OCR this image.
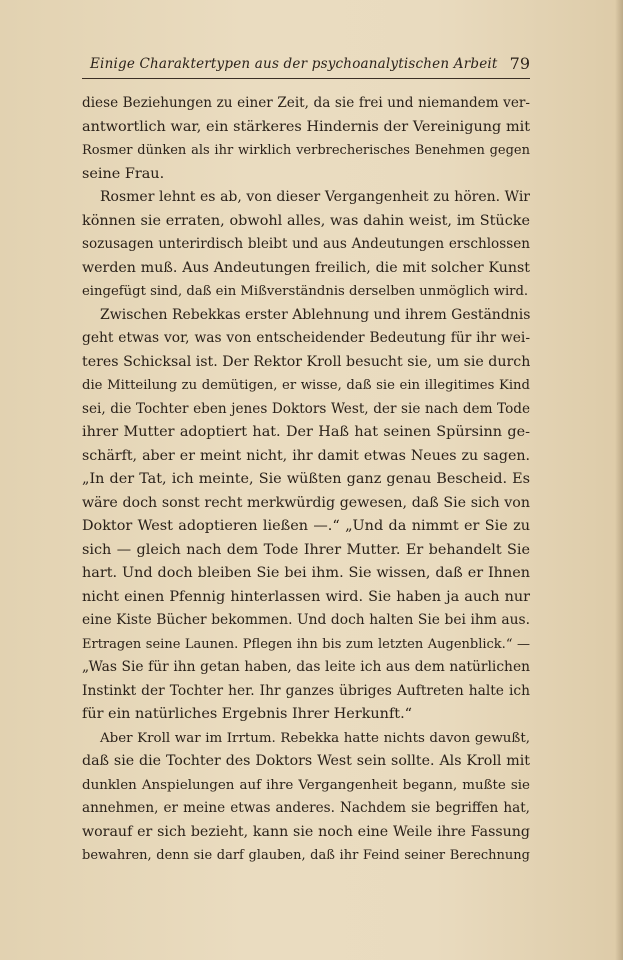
Einige Charaktertypen aus der psychoanalytischen Arbeit 79
diese Beziehungen zu einer Zeit, da sie frei und niemandem ver-
antwortlich war, ein stärkeres Hindernis der Vereinigung mit
Rosmer dünken als ihr wirklich verbrecherisches Benehmen gegen
seine Frau.
Rosmer lehnt es ab, von dieser Vergangenheit zu hören. Wir
können sie erraten, obwohl alles, was dahin weist, im Stücke
sozusagen unterirdisch bleibt und aus Andeutungen erschlossen
werden muß. Aus Andeutungen freilich, die mit solcher Kunst
eingefügt sind, daß ein Mißverständnis derselben unmöglich wird.
Zwischen Rebekkas erster Ablehnung und ihrem Geständnis
geht etwas vor, was von entscheidender Bedeutung für ihr wei-
teres Schicksal ist. Der Rektor Kroll besucht sie, um sie durch
die Mitteilung zu demütigen, er wisse, daß sie ein illegitimes Kind
sei, die Tochter eben jenes Doktors West, der sie nach dem Tode
ihrer Mutter adoptiert hat. Der Haß hat seinen Spürsinn ge-
schärft, aber er meint nicht, ihr damit etwas Neues zu sagen.
„In der Tat, ich meinte, Sie wüßten ganz genau Bescheid. Es
wäre doch sonst recht merkwürdig gewesen, daß Sie sich von
Doktor West adoptieren ließen —.“ „Und da nimmt er Sie zu
sich — gleich nach dem Tode Ihrer Mutter. Er behandelt Sie
hart. Und doch bleiben Sie bei ihm. Sie wissen, daß er Ihnen
nicht einen Pfennig hinterlassen wird. Sie haben ja auch nur
eine Kiste Bücher bekommen. Und doch halten Sie bei ihm aus.
Ertragen seine Launen. Pflegen ihn bis zum letzten Augenblick.“ —
„Was Sie für ihn getan haben, das leite ich aus dem natürlichen
Instinkt der Tochter her. Ihr ganzes übriges Auftreten halte ich
für ein natürliches Ergebnis Ihrer Herkunft.“
Aber Kroll war im Irrtum. Rebekka hatte nichts davon gewußt,
daß sie die Tochter des Doktors West sein sollte. Als Kroll mit
dunklen Anspielungen auf ihre Vergangenheit begann, mußte sie
annehmen, er meine etwas anderes. Nachdem sie begriffen hat,
worauf er sich bezieht, kann sie noch eine Weile ihre Fassung
bewahren, denn sie darf glauben, daß ihr Feind seiner Berechnung
